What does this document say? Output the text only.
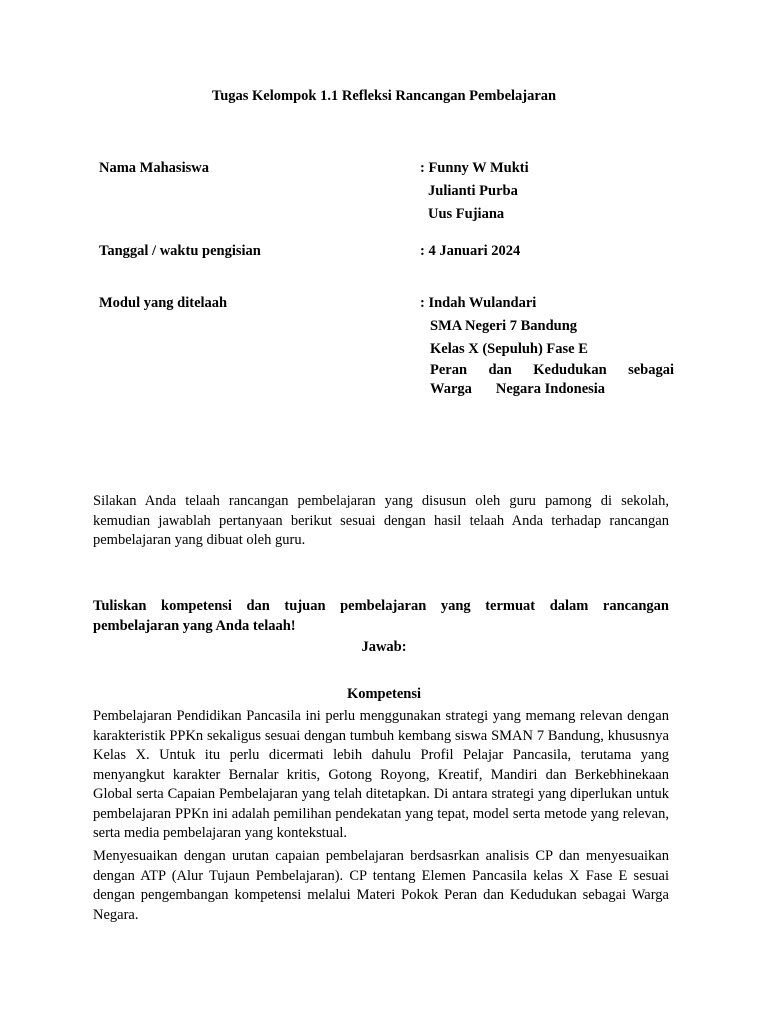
Tugas Kelompok 1.1 Refleksi Rancangan Pembelajaran
Nama Mahasiswa	: Funny W Mukti
Julianti Purba
Uus Fujiana
Tanggal / waktu pengisian	: 4 Januari 2024
Modul yang ditelaah	: Indah Wulandari
SMA Negeri 7 Bandung
Kelas X (Sepuluh) Fase E
Peran dan Kedudukan sebagai
Warga Negara Indonesia
Silakan Anda telaah rancangan pembelajaran yang disusun oleh guru pamong di sekolah, kemudian jawablah pertanyaan berikut sesuai dengan hasil telaah Anda terhadap rancangan pembelajaran yang dibuat oleh guru.
Tuliskan kompetensi dan tujuan pembelajaran yang termuat dalam rancangan pembelajaran yang Anda telaah!
Jawab:
Kompetensi
Pembelajaran Pendidikan Pancasila ini perlu menggunakan strategi yang memang relevan dengan karakteristik PPKn sekaligus sesuai dengan tumbuh kembang siswa SMAN 7 Bandung, khususnya Kelas X. Untuk itu perlu dicermati lebih dahulu Profil Pelajar Pancasila, terutama yang menyangkut karakter Bernalar kritis, Gotong Royong, Kreatif, Mandiri dan Berkebhinekaan Global serta Capaian Pembelajaran yang telah ditetapkan. Di antara strategi yang diperlukan untuk pembelajaran PPKn ini adalah pemilihan pendekatan yang tepat, model serta metode yang relevan, serta media pembelajaran yang kontekstual.
Menyesuaikan dengan urutan capaian pembelajaran berdsasrkan analisis CP dan menyesuaikan dengan ATP (Alur Tujaun Pembelajaran). CP tentang Elemen Pancasila kelas X Fase E sesuai dengan pengembangan kompetensi melalui Materi Pokok Peran dan Kedudukan sebagai Warga Negara.
